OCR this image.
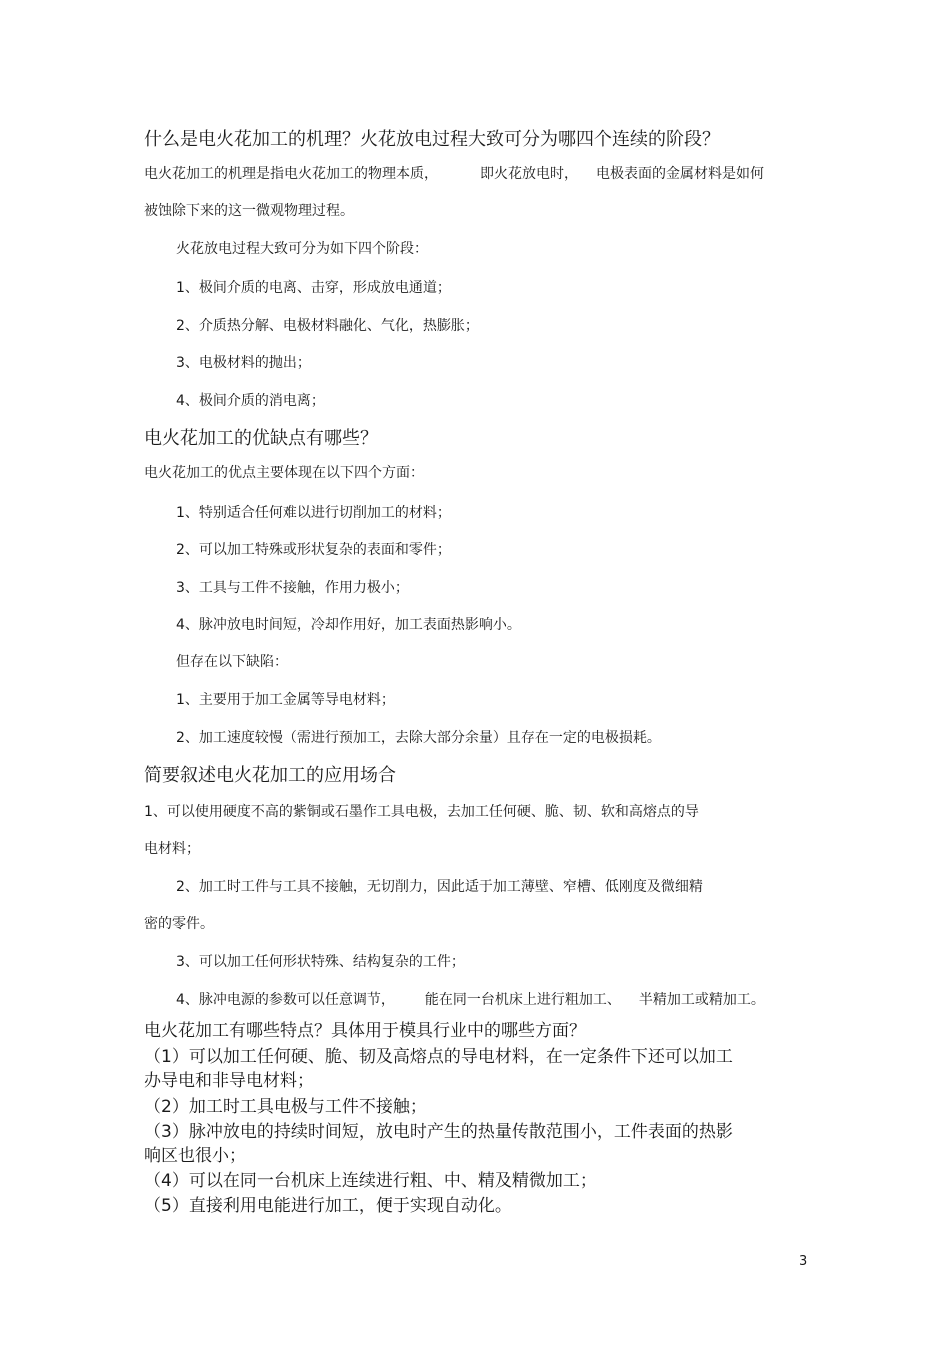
什么是电火花加工的机理？火花放电过程大致可分为哪四个连续的阶段？
电火花加工的机理是指电火花加工的物理本质，	即火花放电时， 电极表面的金属材料是如何
被蚀除下来的这一微观物理过程。
火花放电过程大致可分为如下四个阶段：
1、极间介质的电离、击穿，形成放电通道；
2、介质热分解、电极材料融化、气化，热膨胀；
3、电极材料的抛出；
4、极间介质的消电离；
电火花加工的优缺点有哪些？
电火花加工的优点主要体现在以下四个方面：
1、特别适合任何难以进行切削加工的材料；
2、可以加工特殊或形状复杂的表面和零件；
3、工具与工件不接触，作用力极小；
4、脉冲放电时间短，冷却作用好，加工表面热影响小。
但存在以下缺陷：
1、主要用于加工金属等导电材料；
2、加工速度较慢（需进行预加工，去除大部分余量）且存在一定的电极损耗。
简要叙述电火花加工的应用场合
1、可以使用硬度不高的紫铜或石墨作工具电极，去加工任何硬、脆、韧、软和高熔点的导
电材料；
2、加工时工件与工具不接触，无切削力，因此适于加工薄壁、窄槽、低刚度及微细精
密的零件。
3、可以加工任何形状特殊、结构复杂的工件；
4、脉冲电源的参数可以任意调节， 能在同一台机床上进行粗加工、 半精加工或精加工。
电火花加工有哪些特点？具体用于模具行业中的哪些方面？
（1）可以加工任何硬、脆、韧及高熔点的导电材料，在一定条件下还可以加工
办导电和非导电材料；
（2）加工时工具电极与工件不接触；
（3）脉冲放电的持续时间短，放电时产生的热量传散范围小，工件表面的热影
响区也很小；
（4）可以在同一台机床上连续进行粗、中、精及精微加工；
（5）直接利用电能进行加工，便于实现自动化。
3
